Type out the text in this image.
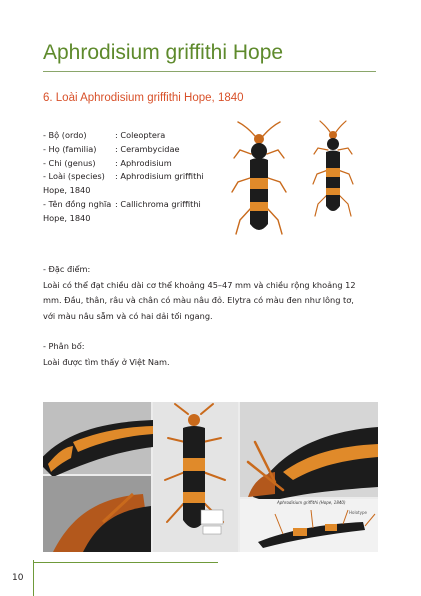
Aphrodisium griffithi Hope
6. Loài Aphrodisium griffithi Hope, 1840
- Bộ (ordo)	: Coleoptera
- Họ (familia) : Cerambycidae
- Chi (genus) : Aphrodisium
- Loài (species) : Aphrodisium griffithi
Hope, 1840
- Tên đồng nghĩa : Callichroma griffithi
Hope, 1840
- Đặc điểm:
Loài có thể đạt chiều dài cơ thể khoảng 45–47 mm và chiều rộng khoảng 12
mm. Đầu, thân, râu và chân có màu nâu đỏ. Elytra có màu đen như lông tơ,
với màu nâu sẫm và có hai dải tối ngang.
- Phân bố:
Loài được tìm thấy ở Việt Nam.
Aphrodisium griffithi (Hope, 1840)
Holotype
10
